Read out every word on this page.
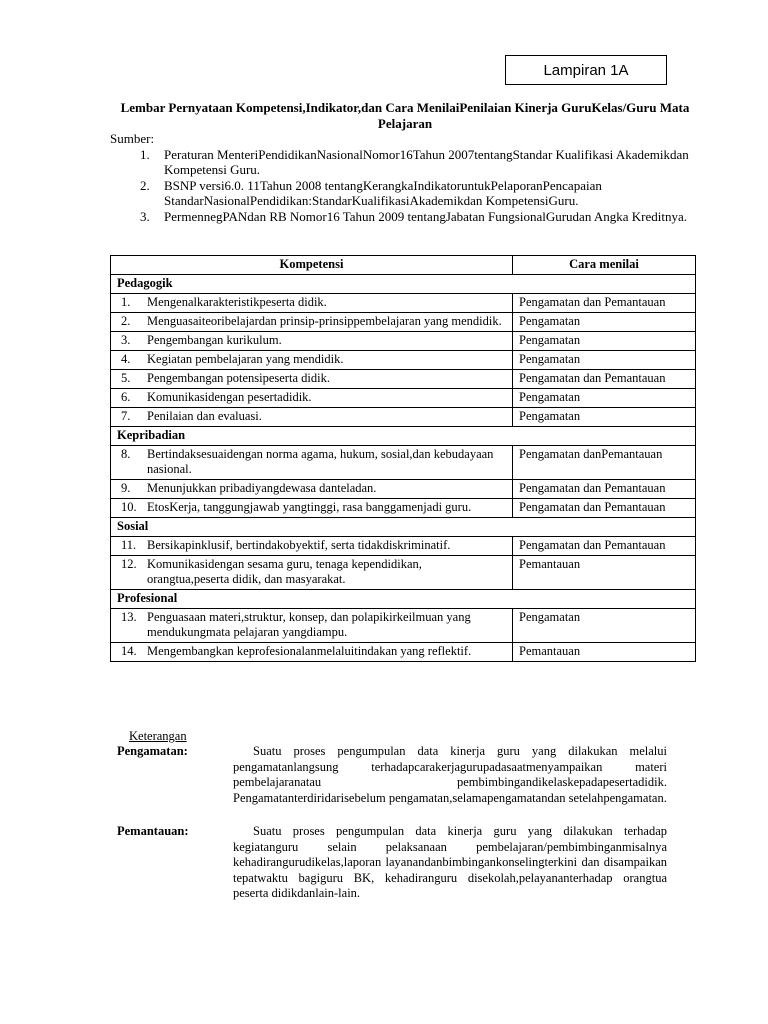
Lampiran 1A
Lembar Pernyataan Kompetensi,Indikator,dan Cara MenilaiPenilaian Kinerja GuruKelas/Guru Mata Pelajaran
Sumber:
1. Peraturan MenteriPendidikanNasionalNomor16Tahun 2007tentangStandar Kualifikasi Akademikdan Kompetensi Guru.
2. BSNP versi6.0. 11Tahun 2008 tentangKerangkaIndikatoruntukPelaporanPencapaian StandarNasionalPendidikan:StandarKualifikasiAkademikdan KompetensiGuru.
3. PermennegPANdan RB Nomor16 Tahun 2009 tentangJabatan FungsionalGurudan Angka Kreditnya.
Kompetensi	Cara menilai
Pedagogik	

1. Mengenalkarakteristikpeserta didik.	Pengamatan dan Pemantauan

2. Menguasaiteoribelajardan prinsip-prinsippembelajaran yang mendidik.	Pengamatan

3. Pengembangan kurikulum.	Pengamatan

4. Kegiatan pembelajaran yang mendidik.	Pengamatan

5. Pengembangan potensipeserta didik.	Pengamatan dan Pemantauan

6. Komunikasidengan pesertadidik.	Pengamatan

7. Penilaian dan evaluasi.	Pengamatan
Kepribadian	

8. Bertindaksesuaidengan norma agama, hukum, sosial,dan kebudayaan nasional.	Pengamatan danPemantauan

9. Menunjukkan pribadiyangdewasa danteladan.	Pengamatan dan Pemantauan

10. EtosKerja, tanggungjawab yangtinggi, rasa banggamenjadi guru.	Pengamatan dan Pemantauan
Sosial	

11. Bersikapinklusif, bertindakobyektif, serta tidakdiskriminatif.	Pengamatan dan Pemantauan

12. Komunikasidengan sesama guru, tenaga kependidikan, orangtua,peserta didik, dan masyarakat.	Pemantauan
Profesional	

13. Penguasaan materi,struktur, konsep, dan polapikirkeilmuan yang mendukungmata pelajaran yangdiampu.	Pengamatan

14. Mengembangkan keprofesionalanmelaluitindakan yang reflektif.	Pemantauan
Keterangan
Pengamatan:	Suatu proses pengumpulan data kinerja guru yang dilakukan melalui pengamatanlangsung terhadapcarakerjagurupadasaatmenyampaikan materi pembelajaranatau pembimbingandikelaskepadapesertadidik. Pengamatanterdiridarisebelum pengamatan,selamapengamatandan setelahpengamatan.
Pemantauan:	Suatu proses pengumpulan data kinerja guru yang dilakukan terhadap kegiatanguru selain pelaksanaan pembelajaran/pembimbinganmisalnya kehadirangurudikelas,laporan layanandanbimbingankonselingterkini dan disampaikan tepatwaktu bagiguru BK, kehadiranguru disekolah,pelayananterhadap orangtua peserta didikdanlain-lain.
